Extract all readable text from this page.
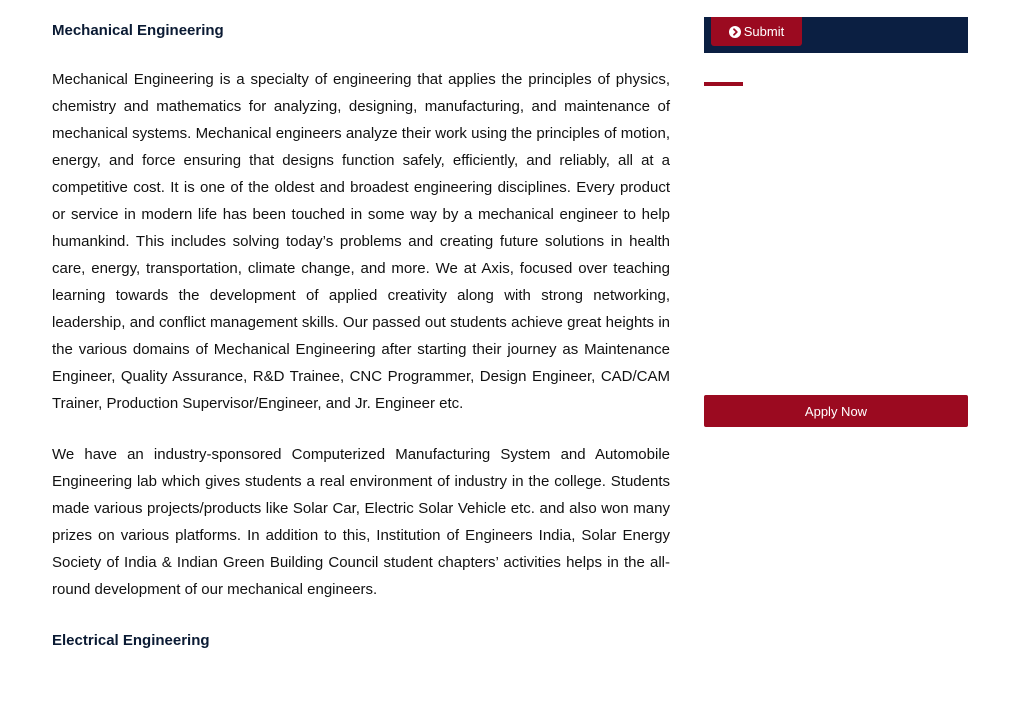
Mechanical Engineering

Mechanical Engineering is a specialty of engineering that applies the principles of physics, chemistry and mathematics for analyzing, designing, manufacturing, and maintenance of mechanical systems. Mechanical engineers analyze their work using the principles of motion, energy, and force ensuring that designs function safely, efficiently, and reliably, all at a competitive cost. It is one of the oldest and broadest engineering disciplines. Every product or service in modern life has been touched in some way by a mechanical engineer to help humankind. This includes solving today’s problems and creating future solutions in health care, energy, transportation, climate change, and more. We at Axis, focused over teaching learning towards the development of applied creativity along with strong networking, leadership, and conflict management skills. Our passed out students achieve great heights in the various domains of Mechanical Engineering after starting their journey as Maintenance Engineer, Quality Assurance, R&D Trainee, CNC Programmer, Design Engineer, CAD/CAM Trainer, Production Supervisor/Engineer, and Jr. Engineer etc.

We have an industry-sponsored Computerized Manufacturing System and Automobile Engineering lab which gives students a real environment of industry in the college. Students made various projects/products like Solar Car, Electric Solar Vehicle etc. and also won many prizes on various platforms. In addition to this, Institution of Engineers India, Solar Energy Society of India & Indian Green Building Council student chapters’ activities helps in the all-round development of our mechanical engineers.

Electrical Engineering
Submit
Apply Now
